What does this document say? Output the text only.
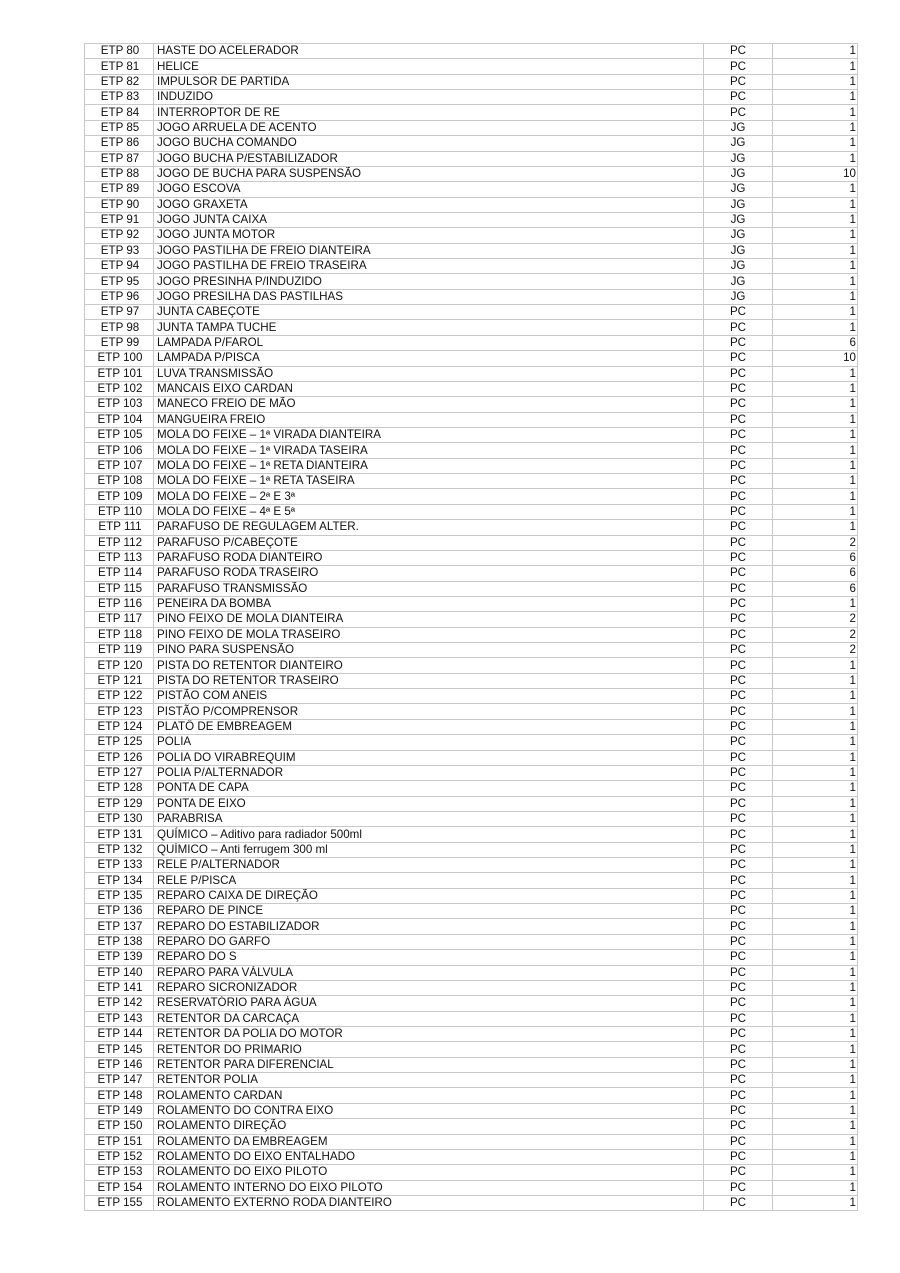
ETP 80	HASTE DO ACELERADOR	PC	1
ETP 81	HELICE	PC	1
ETP 82	IMPULSOR DE PARTIDA	PC	1
ETP 83	INDUZIDO	PC	1
ETP 84	INTERROPTOR DE RE	PC	1
ETP 85	JOGO ARRUELA DE ACENTO	JG	1
ETP 86	JOGO BUCHA COMANDO	JG	1
ETP 87	JOGO BUCHA P/ESTABILIZADOR	JG	1
ETP 88	JOGO DE BUCHA PARA SUSPENSÃO	JG	10
ETP 89	JOGO ESCOVA	JG	1
ETP 90	JOGO GRAXETA	JG	1
ETP 91	JOGO JUNTA CAIXA	JG	1
ETP 92	JOGO JUNTA MOTOR	JG	1
ETP 93	JOGO PASTILHA DE FREIO DIANTEIRA	JG	1
ETP 94	JOGO PASTILHA DE FREIO TRASEIRA	JG	1
ETP 95	JOGO PRESINHA P/INDUZIDO	JG	1
ETP 96	JOGO PRESILHA DAS PASTILHAS	JG	1
ETP 97	JUNTA CABEÇOTE	PC	1
ETP 98	JUNTA TAMPA TUCHE	PC	1
ETP 99	LAMPADA P/FAROL	PC	6
ETP 100	LAMPADA P/PISCA	PC	10
ETP 101	LUVA TRANSMISSÃO	PC	1
ETP 102	MANCAIS EIXO CARDAN	PC	1
ETP 103	MANECO FREIO DE MÃO	PC	1
ETP 104	MANGUEIRA FREIO	PC	1
ETP 105	MOLA DO FEIXE – 1ª VIRADA DIANTEIRA	PC	1
ETP 106	MOLA DO FEIXE – 1ª VIRADA TASEIRA	PC	1
ETP 107	MOLA DO FEIXE – 1ª RETA DIANTEIRA	PC	1
ETP 108	MOLA DO FEIXE – 1ª RETA TASEIRA	PC	1
ETP 109	MOLA DO FEIXE – 2ª E 3ª	PC	1
ETP 110	MOLA DO FEIXE – 4ª E 5ª	PC	1
ETP 111	PARAFUSO DE REGULAGEM ALTER.	PC	1
ETP 112	PARAFUSO P/CABEÇOTE	PC	2
ETP 113	PARAFUSO RODA DIANTEIRO	PC	6
ETP 114	PARAFUSO RODA TRASEIRO	PC	6
ETP 115	PARAFUSO TRANSMISSÃO	PC	6
ETP 116	PENEIRA DA BOMBA	PC	1
ETP 117	PINO FEIXO DE MOLA DIANTEIRA	PC	2
ETP 118	PINO FEIXO DE MOLA TRASEIRO	PC	2
ETP 119	PINO PARA SUSPENSÃO	PC	2
ETP 120	PISTA DO RETENTOR DIANTEIRO	PC	1
ETP 121	PISTA DO RETENTOR TRASEIRO	PC	1
ETP 122	PISTÃO COM ANEIS	PC	1
ETP 123	PISTÃO P/COMPRENSOR	PC	1
ETP 124	PLATÔ DE EMBREAGEM	PC	1
ETP 125	POLIA	PC	1
ETP 126	POLIA DO VIRABREQUIM	PC	1
ETP 127	POLIA P/ALTERNADOR	PC	1
ETP 128	PONTA DE CAPA	PC	1
ETP 129	PONTA DE EIXO	PC	1
ETP 130	PARABRISA	PC	1
ETP 131	QUÍMICO – Aditivo para radiador 500ml	PC	1
ETP 132	QUÍMICO – Anti ferrugem 300 ml	PC	1
ETP 133	RELE P/ALTERNADOR	PC	1
ETP 134	RELE P/PISCA	PC	1
ETP 135	REPARO CAIXA DE DIREÇÃO	PC	1
ETP 136	REPARO DE PINCE	PC	1
ETP 137	REPARO DO ESTABILIZADOR	PC	1
ETP 138	REPARO DO GARFO	PC	1
ETP 139	REPARO DO S	PC	1
ETP 140	REPARO PARA VÁLVULA	PC	1
ETP 141	REPARO SICRONIZADOR	PC	1
ETP 142	RESERVATÓRIO PARA ÁGUA	PC	1
ETP 143	RETENTOR DA CARCAÇA	PC	1
ETP 144	RETENTOR DA POLIA DO MOTOR	PC	1
ETP 145	RETENTOR DO PRIMARIO	PC	1
ETP 146	RETENTOR PARA DIFERENCIAL	PC	1
ETP 147	RETENTOR POLIA	PC	1
ETP 148	ROLAMENTO CARDAN	PC	1
ETP 149	ROLAMENTO DO CONTRA EIXO	PC	1
ETP 150	ROLAMENTO DIREÇÃO	PC	1
ETP 151	ROLAMENTO DA EMBREAGEM	PC	1
ETP 152	ROLAMENTO DO EIXO ENTALHADO	PC	1
ETP 153	ROLAMENTO DO EIXO PILOTO	PC	1
ETP 154	ROLAMENTO INTERNO DO EIXO PILOTO	PC	1
ETP 155	ROLAMENTO EXTERNO RODA DIANTEIRO	PC	1
